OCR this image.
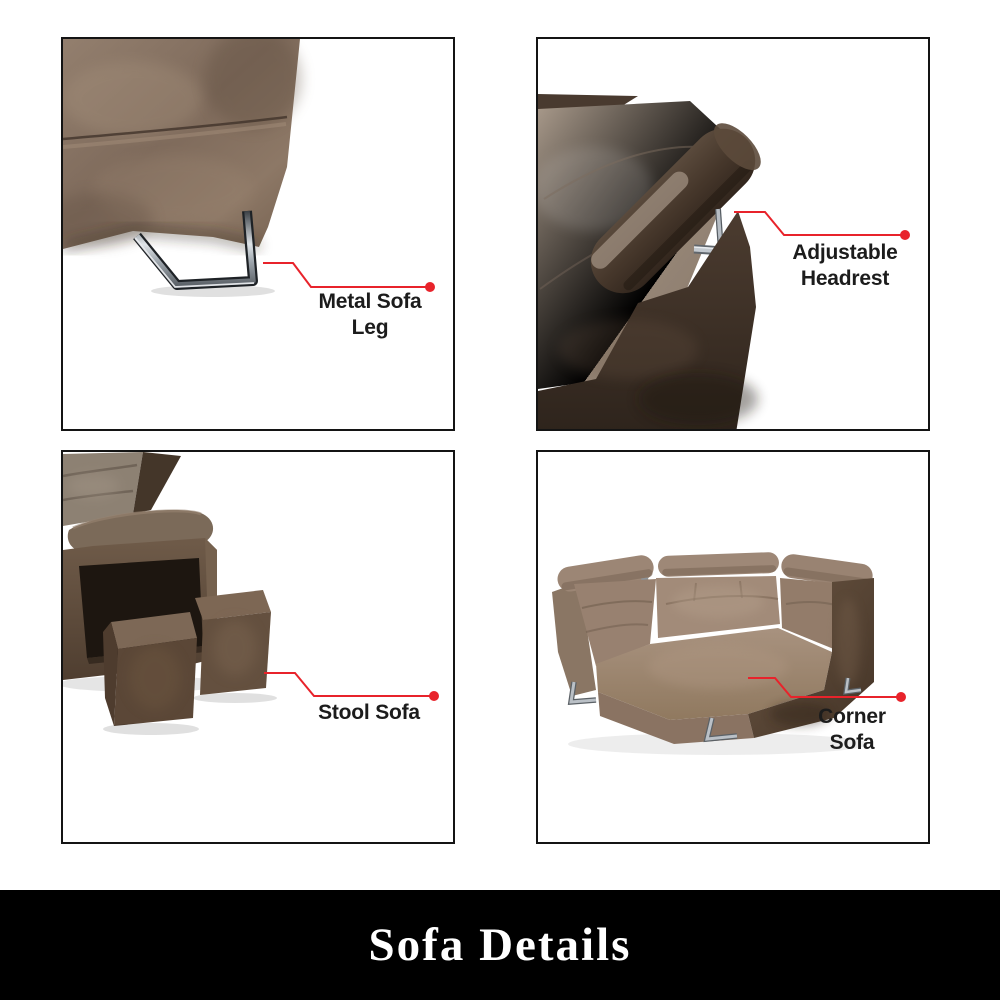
Metal Sofa
Leg
Adjustable
Headrest
Stool Sofa	Corner
Sofa
Sofa Details
